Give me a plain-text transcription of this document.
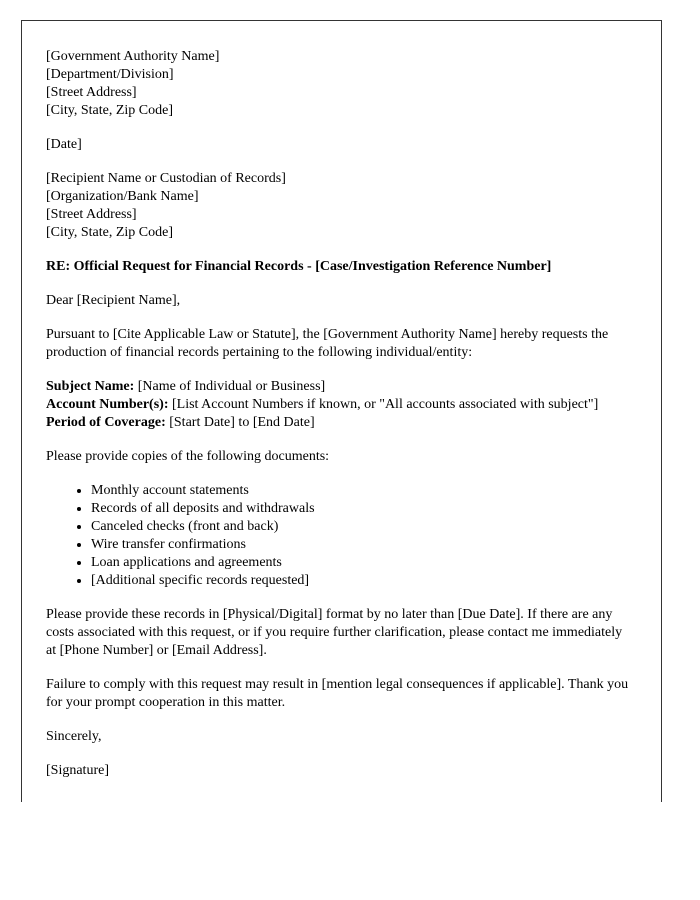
[Government Authority Name]
[Department/Division]
[Street Address]
[City, State, Zip Code]

[Date]

[Recipient Name or Custodian of Records]
[Organization/Bank Name]
[Street Address]
[City, State, Zip Code]

RE: Official Request for Financial Records - [Case/Investigation Reference Number]

Dear [Recipient Name],

Pursuant to [Cite Applicable Law or Statute], the [Government Authority Name] hereby requests the production of financial records pertaining to the following individual/entity:

Subject Name: [Name of Individual or Business]
Account Number(s): [List Account Numbers if known, or "All accounts associated with subject"]
Period of Coverage: [Start Date] to [End Date]

Please provide copies of the following documents:

• Monthly account statements
• Records of all deposits and withdrawals
• Canceled checks (front and back)
• Wire transfer confirmations
• Loan applications and agreements
• [Additional specific records requested]

Please provide these records in [Physical/Digital] format by no later than [Due Date]. If there are any costs associated with this request, or if you require further clarification, please contact me immediately at [Phone Number] or [Email Address].

Failure to comply with this request may result in [mention legal consequences if applicable]. Thank you for your prompt cooperation in this matter.

Sincerely,

[Signature]
